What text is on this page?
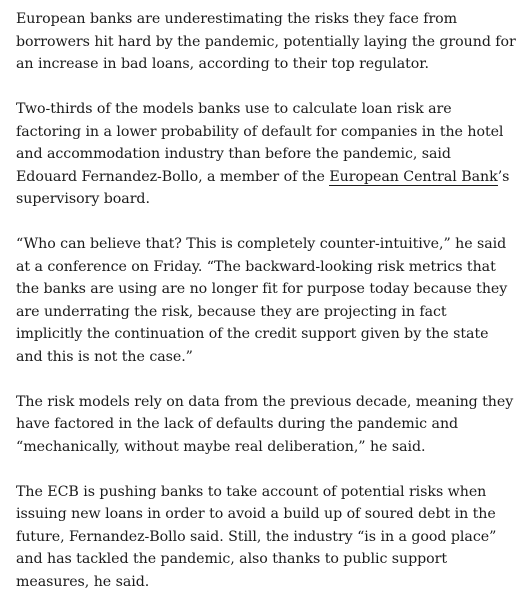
European banks are underestimating the risks they face from borrowers hit hard by the pandemic, potentially laying the ground for an increase in bad loans, according to their top regulator.

Two-thirds of the models banks use to calculate loan risk are factoring in a lower probability of default for companies in the hotel and accommodation industry than before the pandemic, said Edouard Fernandez-Bollo, a member of the European Central Bank’s supervisory board.

“Who can believe that? This is completely counter-intuitive,” he said at a conference on Friday. “The backward-looking risk metrics that the banks are using are no longer fit for purpose today because they are underrating the risk, because they are projecting in fact implicitly the continuation of the credit support given by the state and this is not the case.”

The risk models rely on data from the previous decade, meaning they have factored in the lack of defaults during the pandemic and “mechanically, without maybe real deliberation,” he said.

The ECB is pushing banks to take account of potential risks when issuing new loans in order to avoid a build up of soured debt in the future, Fernandez-Bollo said. Still, the industry “is in a good place” and has tackled the pandemic, also thanks to public support measures, he said.
